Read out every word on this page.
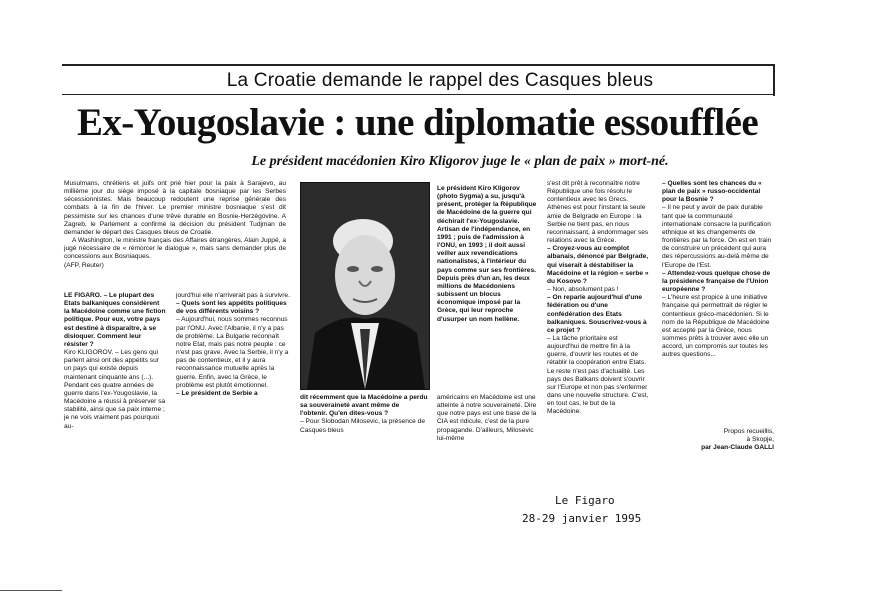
La Croatie demande le rappel des Casques bleus
Ex-Yougoslavie : une diplomatie essoufflée
Le président macédonien Kiro Kligorov juge le « plan de paix » mort-né.

Musulmans, chrétiens et juifs ont prié hier pour la paix à Sarajevo, au millième jour du siège imposé à la capitale bosniaque par les Serbes sécessionnistes. Mais beaucoup redoutent une reprise générale des combats à la fin de l'hiver. Le premier ministre bosniaque s'est dit pessimiste sur les chances d'une trêve durable en Bosnie-Herzégovine. A Zagreb, le Parlement a confirmé la décision du président Tudjman de demander le départ des Casques bleus de Croatie.

A Washington, le ministre français des Affaires étrangères, Alain Juppé, a jugé nécessaire de « rémorcer le dialogue », mais sans demander plus de concessions aux Bosniaques.

(AFP, Reuter)

LE FIGARO. – Le plupart des Etats balkaniques considèrent la Macédoine comme une fiction politique. Pour eux, votre pays est destiné à disparaître, à se disloquer. Comment leur résister ?

Kiro KLIGOROV. – Les gens qui parlent ainsi ont des appétits sur un pays qui existe depuis maintenant cinquante ans (...). Pendant ces quatre années de guerre dans l'ex-Yougoslavie, la Macédoine a réussi à préserver sa stabilité, ainsi que sa paix interne ; je ne vois vraiment pas pourquoi au-

jourd'hui elle n'arriverait pas à survivre.

– Quels sont les appétits politiques de vos différents voisins ?

– Aujourd'hui, nous sommes reconnus par l'ONU. Avec l'Albanie, il n'y a pas de problème. La Bulgarie reconnaît notre Etat, mais pas notre peuple : ce n'est pas grave. Avec la Serbie, il n'y a pas de contentieux, et il y aura reconnaissance mutuelle après la guerre. Enfin, avec la Grèce, le problème est plutôt émotionnel.

– Le président de Serbie a

Le président Kiro Kligorov (photo Sygma) a su, jusqu'à présent, protéger la République de Macédoine de la guerre qui déchirait l'ex-Yougoslavie. Artisan de l'indépendance, en 1991 ; puis de l'admission à l'ONU, en 1993 ; il doit aussi veiller aux revendications nationalistes, à l'intérieur du pays comme sur ses frontières. Depuis près d'un an, les deux millions de Macédoniens subissent un blocus économique imposé par la Grèce, qui leur reproche d'usurper un nom hellène.

dit récemment que la Macédoine a perdu sa souveraineté avant même de l'obtenir. Qu'en dites-vous ?

– Pour Slobodan Milosevic, la présence de Casques bleus

américains en Macédoine est une atteinte à notre souveraineté. Dire que notre pays est une base de la CIA est ridicule, c'est de la pure propagande. D'ailleurs, Milosevic lui-même

s'est dit prêt à reconnaître notre République une fois résolu le contentieux avec les Grecs. Athènes est pour l'instant la seule amie de Belgrade en Europe : la Serbie ne tient pas, en nous reconnaissant, à endommager ses relations avec la Grèce.

– Croyez-vous au complot albanais, dénoncé par Belgrade, qui viserait à déstabiliser la Macédoine et la région « serbe » du Kosovo ?

– Non, absolument pas !

– On reparle aujourd'hui d'une fédération ou d'une confédération des Etats balkaniques. Souscrivez-vous à ce projet ?

– La tâche prioritaire est aujourd'hui de mettre fin à la guerre, d'ouvrir les routes et de rétablir la coopération entre Etats. Le reste n'est pas d'actualité. Les pays des Balkans doivent s'ouvrir sur l'Europe et non pas s'enfermer dans une nouvelle structure. C'est, en tout cas, le but de la Macédoine.

– Quelles sont les chances du « plan de paix » russo-occidental pour la Bosnie ?

– Il ne peut y avoir de paix durable tant que la communauté internationale consacre la purification ethnique et les changements de frontières par la force. On est en train de construire un précédent qui aura des répercussions au-delà même de l'Europe de l'Est.

– Attendez-vous quelque chose de la présidence française de l'Union européenne ?

– L'heure est propice à une initiative française qui permettrait de régler le contentieux gréco-macédonien. Si le nom de la République de Macédoine est accepté par la Grèce, nous sommes prêts à trouver avec elle un accord, un compromis sur toutes les autres questions...

Propos recueillis,
à Skopje,
par Jean-Claude GALLI
Le Figaro
28-29 janvier 1995
